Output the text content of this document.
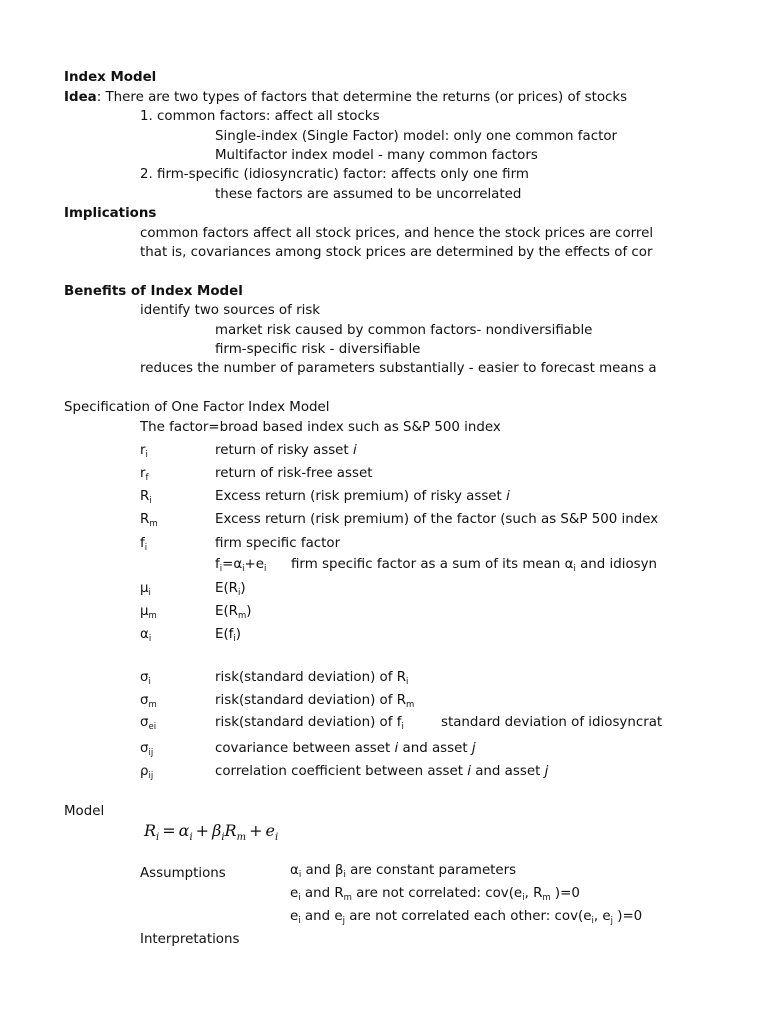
Index Model
Idea: There are two types of factors that determine the returns (or prices) of stocks
1. common factors: affect all stocks
Single-index (Single Factor) model: only one common factor
Multifactor index model - many common factors
2. firm-specific (idiosyncratic) factor: affects only one firm
these factors are assumed to be uncorrelated
Implications
common factors affect all stock prices, and hence the stock prices are correl
that is, covariances among stock prices are determined by the effects of cor
Benefits of Index Model
identify two sources of risk
market risk caused by common factors- nondiversifiable
firm-specific risk - diversifiable
reduces the number of parameters substantially - easier to forecast means a
Specification of One Factor Index Model
The factor=broad based index such as S&P 500 index
$r_i$	return of risky asset i
$r_f$	return of risk-free asset
$R_i$	Excess return (risk premium) of risky asset i
$R_m$	Excess return (risk premium) of the factor (such as S&P 500 index
$f_i$	firm specific factor
$f_i=\alpha_i+e_i$	firm specific factor as a sum of its mean $\alpha_i$ and idiosyn
$\mu_i$	$E(R_i)$
$\mu_m$	$E(R_m)$
$\alpha_i$	$E(f_i)$
$\sigma_i$	risk(standard deviation) of $R_i$
$\sigma_m$	risk(standard deviation) of $R_m$
$\sigma_{ei}$	risk(standard deviation) of $f_i$	standard deviation of idiosyncrat
$\sigma_{ij}$	covariance between asset i and asset j
$\rho_{ij}$	correlation coefficient between asset i and asset j
Model
$R_i = \alpha_i + \beta_iR_m + e_i$
Assumptions	$\alpha_i$ and $\beta_i$ are constant parameters
$e_i$ and $R_m$ are not correlated: $cov(e_i$, $R_m$ )=0
$e_i$ and $e_j$ are not correlated each other: $cov(e_i$, $e_j$ )=0
Interpretations
